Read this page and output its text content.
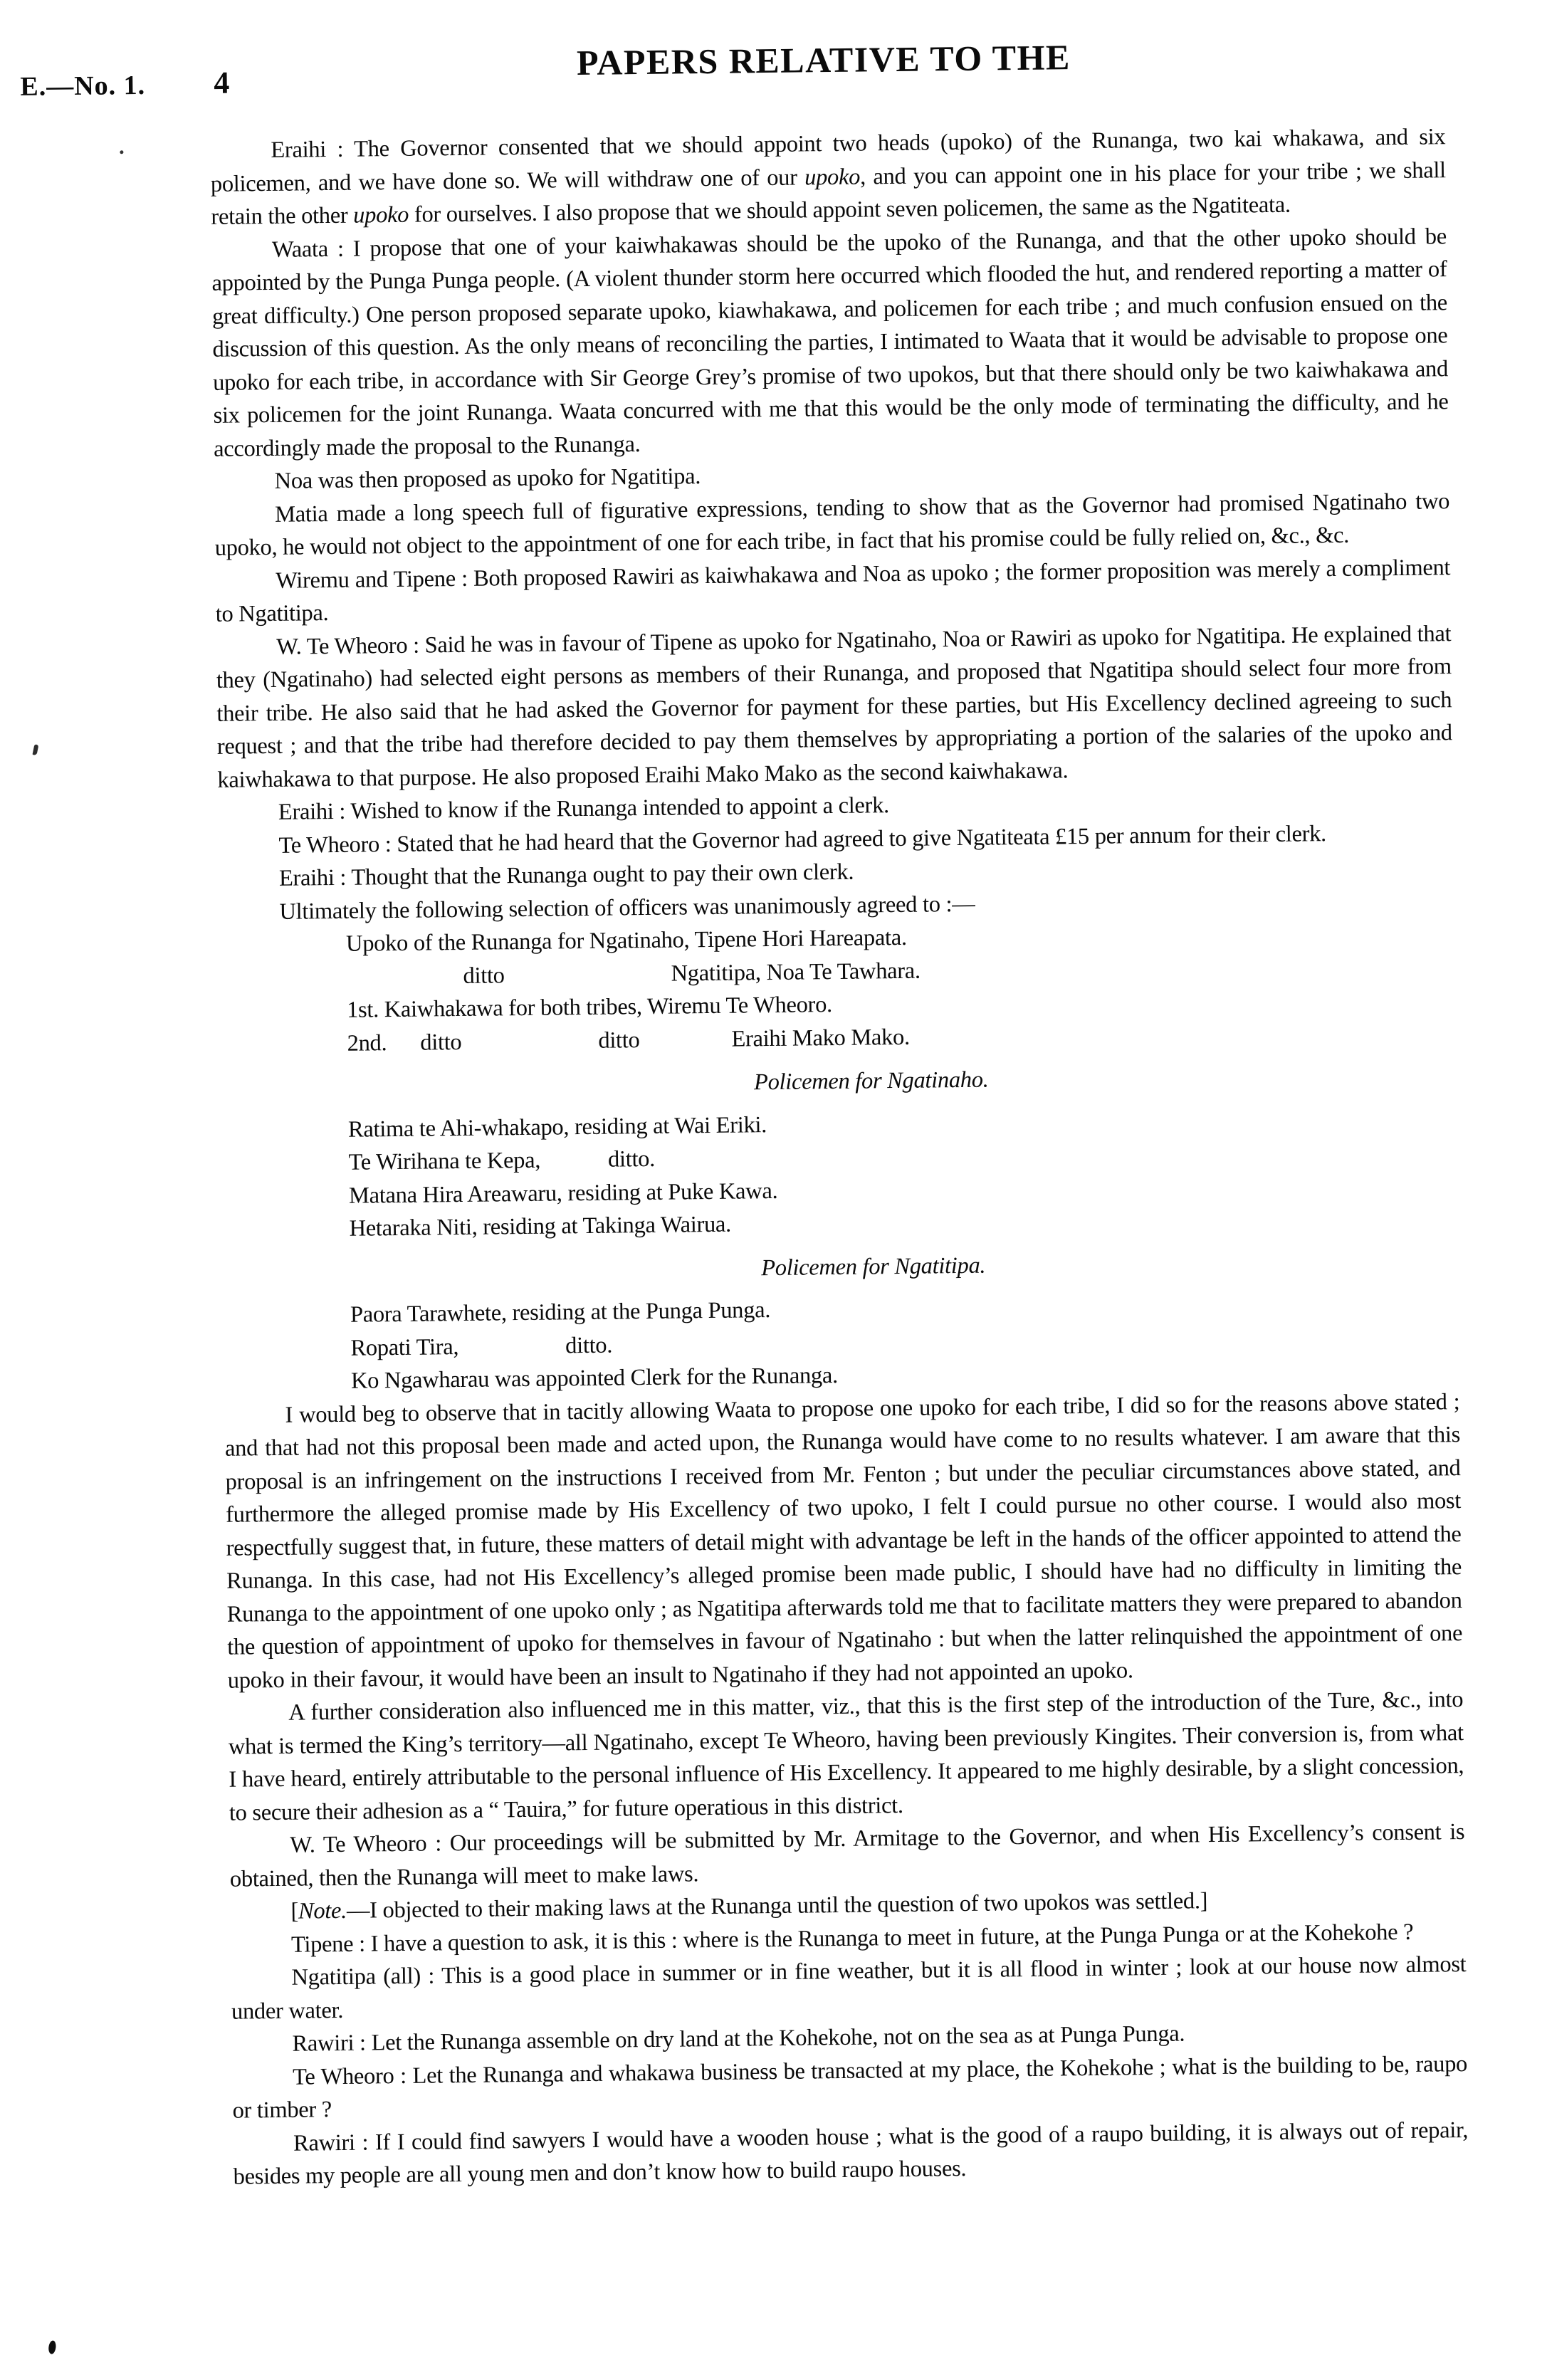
E.—No. 1. 4
PAPERS RELATIVE TO THE

Eraihi : The Governor consented that we should appoint two heads (upoko) of the Runanga, two kai whakawa, and six policemen, and we have done so. We will withdraw one of our upoko, and you can appoint one in his place for your tribe ; we shall retain the other upoko for ourselves. I also propose that we should appoint seven policemen, the same as the Ngatiteata.

Waata : I propose that one of your kaiwhakawas should be the upoko of the Runanga, and that the other upoko should be appointed by the Punga Punga people. (A violent thunder storm here occurred which flooded the hut, and rendered reporting a matter of great difficulty.) One person proposed separate upoko, kiawhakawa, and policemen for each tribe ; and much confusion ensued on the discussion of this question. As the only means of reconciling the parties, I intimated to Waata that it would be advisable to propose one upoko for each tribe, in accordance with Sir George Grey’s promise of two upokos, but that there should only be two kaiwhakawa and six policemen for the joint Runanga. Waata concurred with me that this would be the only mode of terminating the difficulty, and he accordingly made the proposal to the Runanga.

Noa was then proposed as upoko for Ngatitipa.

Matia made a long speech full of figurative expressions, tending to show that as the Governor had promised Ngatinaho two upoko, he would not object to the appointment of one for each tribe, in fact that his promise could be fully relied on, &c., &c.

Wiremu and Tipene : Both proposed Rawiri as kaiwhakawa and Noa as upoko ; the former proposition was merely a compliment to Ngatitipa.

W. Te Wheoro : Said he was in favour of Tipene as upoko for Ngatinaho, Noa or Rawiri as upoko for Ngatitipa. He explained that they (Ngatinaho) had selected eight persons as members of their Runanga, and proposed that Ngatitipa should select four more from their tribe. He also said that he had asked the Governor for payment for these parties, but His Excellency declined agreeing to such request ; and that the tribe had therefore decided to pay them themselves by appropriating a portion of the salaries of the upoko and kaiwhakawa to that purpose. He also proposed Eraihi Mako Mako as the second kaiwhakawa.

Eraihi : Wished to know if the Runanga intended to appoint a clerk.

Te Wheoro : Stated that he had heard that the Governor had agreed to give Ngatiteata £15 per annum for their clerk.

Eraihi : Thought that the Runanga ought to pay their own clerk.

Ultimately the following selection of officers was unanimously agreed to :—

Upoko of the Runanga for Ngatinaho, Tipene Hori Hareapata.
ditto	Ngatitipa, Noa Te Tawhara.
1st. Kaiwhakawa for both tribes, Wiremu Te Wheoro.
2nd. ditto	ditto	Eraihi Mako Mako.
Policemen for Ngatinaho.
Ratima te Ahi-whakapo, residing at Wai Eriki.
Te Wirihana te Kepa,	ditto.
Matana Hira Areawaru, residing at Puke Kawa.
Hetaraka Niti, residing at Takinga Wairua.
Policemen for Ngatitipa.
Paora Tarawhete, residing at the Punga Punga.
Ropati Tira,	ditto.
Ko Ngawharau was appointed Clerk for the Runanga.

I would beg to observe that in tacitly allowing Waata to propose one upoko for each tribe, I did so for the reasons above stated ; and that had not this proposal been made and acted upon, the Runanga would have come to no results whatever. I am aware that this proposal is an infringement on the instructions I received from Mr. Fenton ; but under the peculiar circumstances above stated, and furthermore the alleged promise made by His Excellency of two upoko, I felt I could pursue no other course. I would also most respectfully suggest that, in future, these matters of detail might with advantage be left in the hands of the officer appointed to attend the Runanga. In this case, had not His Excellency’s alleged promise been made public, I should have had no difficulty in limiting the Runanga to the appointment of one upoko only ; as Ngatitipa afterwards told me that to facilitate matters they were prepared to abandon the question of appointment of upoko for themselves in favour of Ngatinaho : but when the latter relinquished the appointment of one upoko in their favour, it would have been an insult to Ngatinaho if they had not appointed an upoko.

A further consideration also influenced me in this matter, viz., that this is the first step of the introduction of the Ture, &c., into what is termed the King’s territory—all Ngatinaho, except Te Wheoro, having been previously Kingites. Their conversion is, from what I have heard, entirely attributable to the personal influence of His Excellency. It appeared to me highly desirable, by a slight concession, to secure their adhesion as a “ Tauira,” for future operatious in this district.

W. Te Wheoro : Our proceedings will be submitted by Mr. Armitage to the Governor, and when His Excellency’s consent is obtained, then the Runanga will meet to make laws.

[Note.—I objected to their making laws at the Runanga until the question of two upokos was settled.]

Tipene : I have a question to ask, it is this : where is the Runanga to meet in future, at the Punga Punga or at the Kohekohe ?

Ngatitipa (all) : This is a good place in summer or in fine weather, but it is all flood in winter ; look at our house now almost under water.

Rawiri : Let the Runanga assemble on dry land at the Kohekohe, not on the sea as at Punga Punga.

Te Wheoro : Let the Runanga and whakawa business be transacted at my place, the Kohekohe ; what is the building to be, raupo or timber ?

Rawiri : If I could find sawyers I would have a wooden house ; what is the good of a raupo building, it is always out of repair, besides my people are all young men and don’t know how to build raupo houses.
